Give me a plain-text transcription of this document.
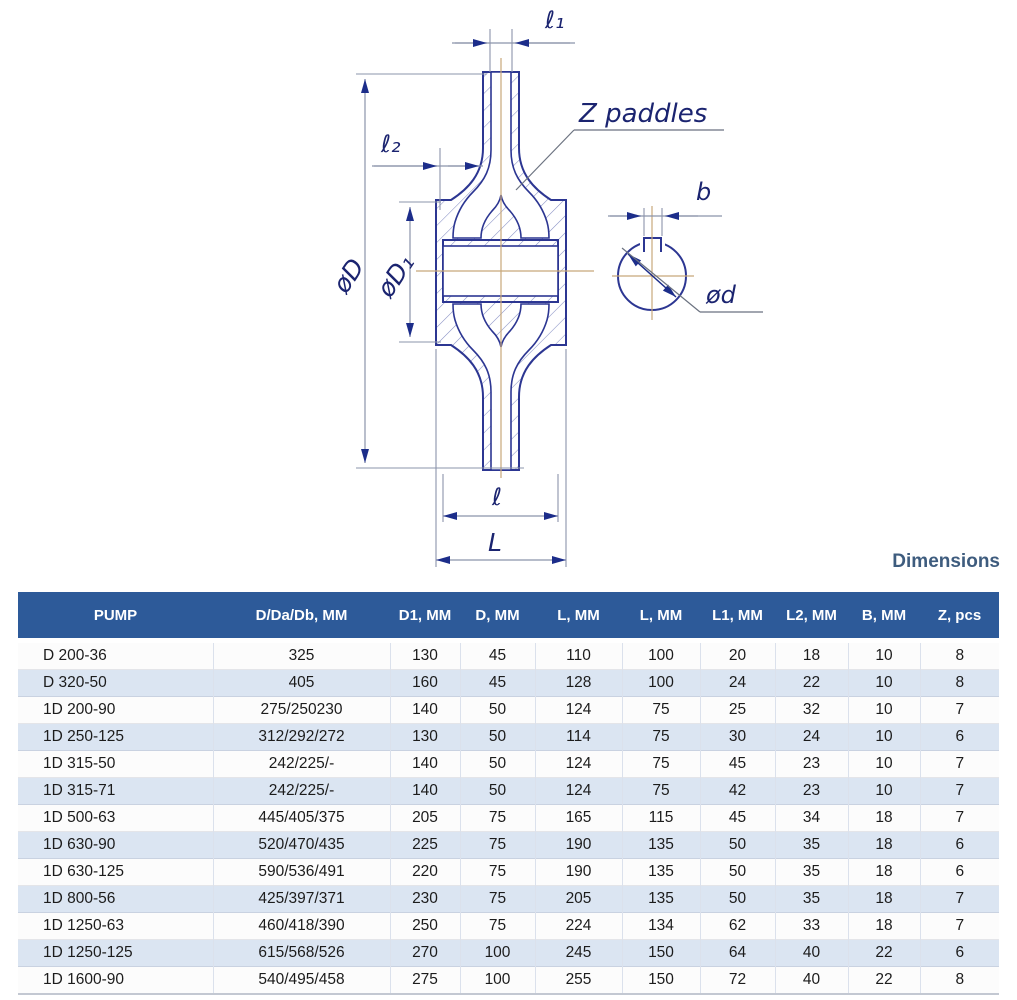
ℓ₁
ℓ₂
øD øD₁
Z paddles
b
ød
ℓ
L
Dimensions
PUMP	D/Da/Db, MM	D1, MM	D, MM	L, MM	L, MM	L1, MM	L2, MM	B, MM	Z, pcs
D 200-36	325	130	45	110	100	20	18	10	8
D 320-50	405	160	45	128	100	24	22	10	8
1D 200-90	275/250230	140	50	124	75	25	32	10	7
1D 250-125	312/292/272	130	50	114	75	30	24	10	6
1D 315-50	242/225/-	140	50	124	75	45	23	10	7
1D 315-71	242/225/-	140	50	124	75	42	23	10	7
1D 500-63	445/405/375	205	75	165	115	45	34	18	7
1D 630-90	520/470/435	225	75	190	135	50	35	18	6
1D 630-125	590/536/491	220	75	190	135	50	35	18	6
1D 800-56	425/397/371	230	75	205	135	50	35	18	7
1D 1250-63	460/418/390	250	75	224	134	62	33	18	7
1D 1250-125	615/568/526	270	100	245	150	64	40	22	6
1D 1600-90	540/495/458	275	100	255	150	72	40	22	8
